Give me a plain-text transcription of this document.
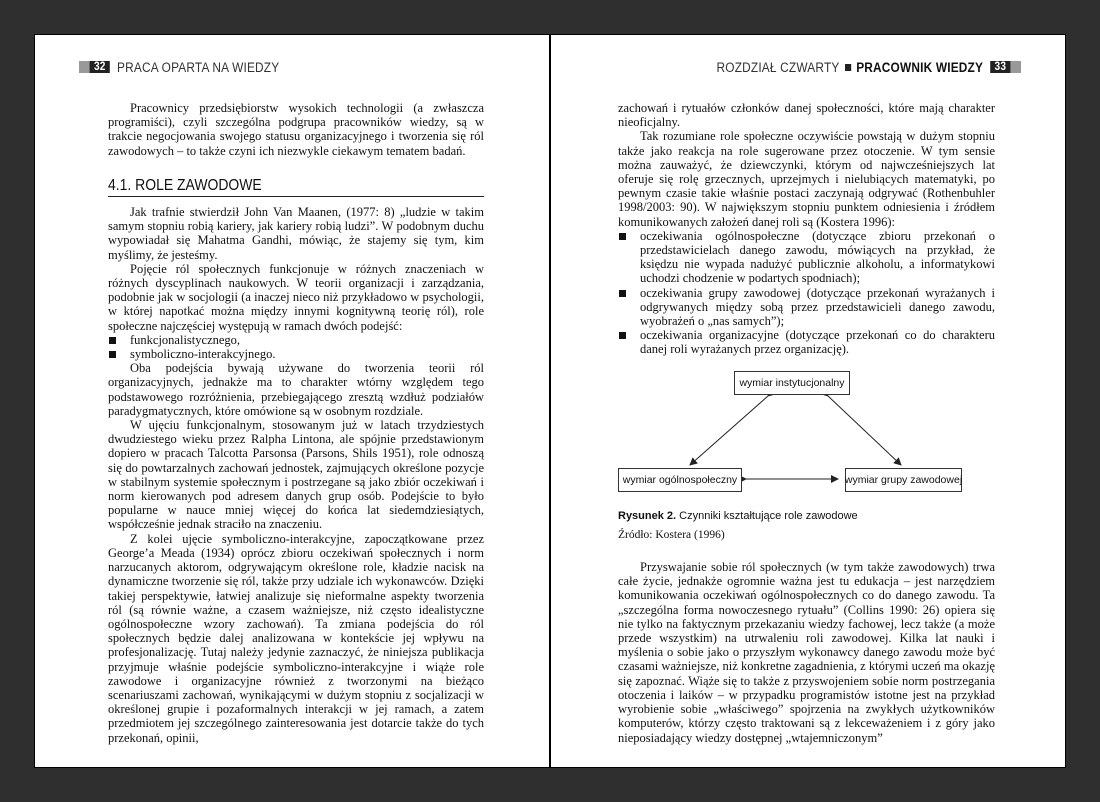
32 PRACA OPARTA NA WIEDZY

Pracownicy przedsiębiorstw wysokich technologii (a zwłaszcza programiści), czyli szczególna podgrupa pracowników wiedzy, są w trakcie negocjowania swojego statusu organizacyjnego i tworzenia się ról zawodowych – to także czyni ich niezwykle ciekawym tematem badań.

4.1. ROLE ZAWODOWE

Jak trafnie stwierdził John Van Maanen, (1977: 8) „ludzie w takim samym stopniu robią kariery, jak kariery robią ludzi”. W podobnym duchu wypowiadał się Mahatma Gandhi, mówiąc, że stajemy się tym, kim myślimy, że jesteśmy.

Pojęcie ról społecznych funkcjonuje w różnych znaczeniach w różnych dyscyplinach naukowych. W teorii organizacji i zarządzania, podobnie jak w socjologii (a inaczej nieco niż przykładowo w psychologii, w której napotkać można między innymi kognitywną teorię ról), role społeczne najczęściej występują w ramach dwóch podejść:

funkcjonalistycznego,
symboliczno-interakcyjnego.

Oba podejścia bywają używane do tworzenia teorii ról organizacyjnych, jednakże ma to charakter wtórny względem tego podstawowego rozróżnienia, przebiegającego zresztą wzdłuż podziałów paradygmatycznych, które omówione są w osobnym rozdziale.

W ujęciu funkcjonalnym, stosowanym już w latach trzydziestych dwudziestego wieku przez Ralpha Lintona, ale spójnie przedstawionym dopiero w pracach Talcotta Parsonsa (Parsons, Shils 1951), role odnoszą się do powtarzalnych zachowań jednostek, zajmujących określone pozycje w stabilnym systemie społecznym i postrzegane są jako zbiór oczekiwań i norm kierowanych pod adresem danych grup osób. Podejście to było popularne w nauce mniej więcej do końca lat siedemdziesiątych, współcześnie jednak straciło na znaczeniu.

Z kolei ujęcie symboliczno-interakcyjne, zapoczątkowane przez George’a Meada (1934) oprócz zbioru oczekiwań społecznych i norm narzucanych aktorom, odgrywającym określone role, kładzie nacisk na dynamiczne tworzenie się ról, także przy udziale ich wykonawców. Dzięki takiej perspektywie, łatwiej analizuje się nieformalne aspekty tworzenia ról (są równie ważne, a czasem ważniejsze, niż często idealistyczne ogólnospołeczne wzory zachowań). Ta zmiana podejścia do ról społecznych będzie dalej analizowana w kontekście jej wpływu na profesjonalizację. Tutaj należy jedynie zaznaczyć, że niniejsza publikacja przyjmuje właśnie podejście symboliczno-interakcyjne i wiąże role zawodowe i organizacyjne również z tworzonymi na bieżąco scenariuszami zachowań, wynikającymi w dużym stopniu z socjalizacji w określonej grupie i pozaformalnych interakcji w jej ramach, a zatem przedmiotem jej szczególnego zainteresowania jest dotarcie także do tych przekonań, opinii,

ROZDZIAŁ CZWARTY PRACOWNIK WIEDZY 33

zachowań i rytuałów członków danej społeczności, które mają charakter nieoficjalny.

Tak rozumiane role społeczne oczywiście powstają w dużym stopniu także jako reakcja na role sugerowane przez otoczenie. W tym sensie można zauważyć, że dziewczynki, którym od najwcześniejszych lat oferuje się rolę grzecznych, uprzejmych i nielubiących matematyki, po pewnym czasie takie właśnie postaci zaczynają odgrywać (Rothenbuhler 1998/2003: 90). W największym stopniu punktem odniesienia i źródłem komunikowanych założeń danej roli są (Kostera 1996):

oczekiwania ogólnospołeczne (dotyczące zbioru przekonań o przedstawicielach danego zawodu, mówiących na przykład, że księdzu nie wypada nadużyć publicznie alkoholu, a informatykowi uchodzi chodzenie w podartych spodniach);
oczekiwania grupy zawodowej (dotyczące przekonań wyrażanych i odgrywanych między sobą przez przedstawicieli danego zawodu, wyobrażeń o „nas samych”);
oczekiwania organizacyjne (dotyczące przekonań co do charakteru danej roli wyrażanych przez organizację).
wymiar instytucjonalny
wymiar ogólnospołeczny	wymiar grupy zawodowej
Rysunek 2. Czynniki kształtujące role zawodowe
Źródło: Kostera (1996)

Przyswajanie sobie ról społecznych (w tym także zawodowych) trwa całe życie, jednakże ogromnie ważna jest tu edukacja – jest narzędziem komunikowania oczekiwań ogólnospołecznych co do danego zawodu. Ta „szczególna forma nowoczesnego rytuału” (Collins 1990: 26) opiera się nie tylko na faktycznym przekazaniu wiedzy fachowej, lecz także (a może przede wszystkim) na utrwaleniu roli zawodowej. Kilka lat nauki i myślenia o sobie jako o przyszłym wykonawcy danego zawodu może być czasami ważniejsze, niż konkretne zagadnienia, z którymi uczeń ma okazję się zapoznać. Wiąże się to także z przyswojeniem sobie norm postrzegania otoczenia i laików – w przypadku programistów istotne jest na przykład wyrobienie sobie „właściwego” spojrzenia na zwykłych użytkowników komputerów, którzy często traktowani są z lekceważeniem i z góry jako nieposiadający wiedzy dostępnej „wtajemniczonym”
